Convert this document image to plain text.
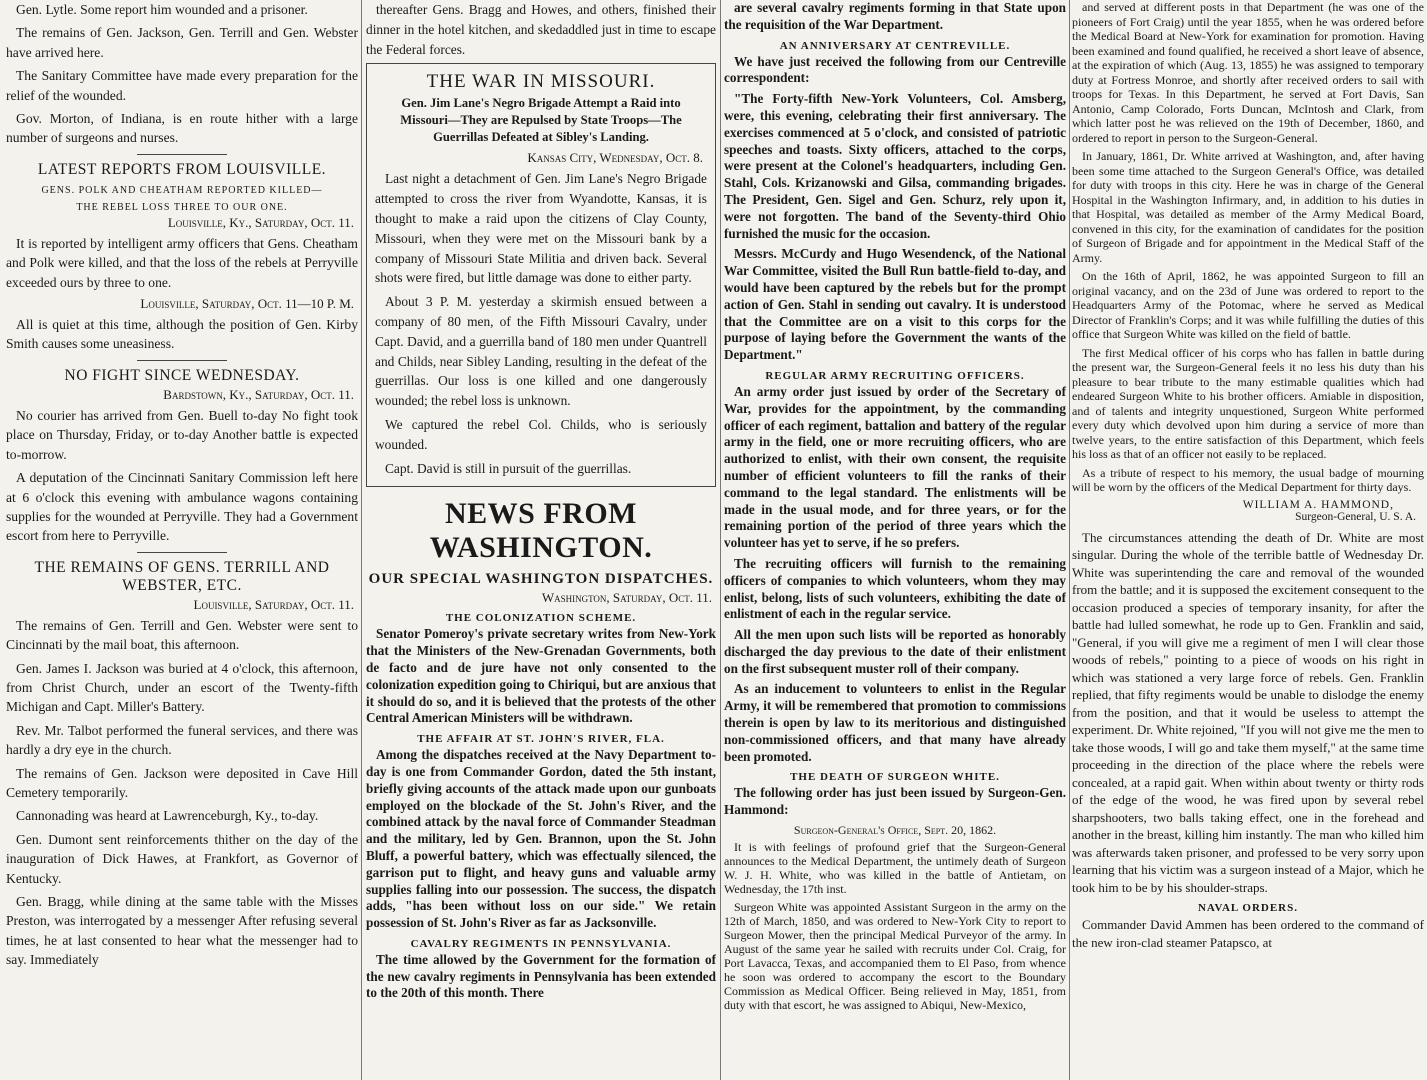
Gen. Lytle. Some report him wounded and a prisoner.

The remains of Gen. Jackson, Gen. Terrill and Gen. Webster have arrived here.

The Sanitary Committee have made every preparation for the relief of the wounded.

Gov. Morton, of Indiana, is en route hither with a large number of surgeons and nurses.

LATEST REPORTS FROM LOUISVILLE.
GENS. POLK AND CHEATHAM REPORTED KILLED—
THE REBEL LOSS THREE TO OUR ONE.
Louisville, Ky., Saturday, Oct. 11.

It is reported by intelligent army officers that Gens. Cheatham and Polk were killed, and that the loss of the rebels at Perryville exceeded ours by three to one.

Louisville, Saturday, Oct. 11—10 P. M.

All is quiet at this time, although the position of Gen. Kirby Smith causes some uneasiness.

NO FIGHT SINCE WEDNESDAY.
Bardstown, Ky., Saturday, Oct. 11.

No courier has arrived from Gen. Buell to-day No fight took place on Thursday, Friday, or to-day Another battle is expected to-morrow.

A deputation of the Cincinnati Sanitary Commission left here at 6 o'clock this evening with ambulance wagons containing supplies for the wounded at Perryville. They had a Government escort from here to Perryville.

THE REMAINS OF GENS. TERRILL AND WEBSTER, ETC.
Louisville, Saturday, Oct. 11.

The remains of Gen. Terrill and Gen. Webster were sent to Cincinnati by the mail boat, this afternoon.

Gen. James I. Jackson was buried at 4 o'clock, this afternoon, from Christ Church, under an escort of the Twenty-fifth Michigan and Capt. Miller's Battery.

Rev. Mr. Talbot performed the funeral services, and there was hardly a dry eye in the church.

The remains of Gen. Jackson were deposited in Cave Hill Cemetery temporarily.

Cannonading was heard at Lawrenceburgh, Ky., to-day.

Gen. Dumont sent reinforcements thither on the day of the inauguration of Dick Hawes, at Frankfort, as Governor of Kentucky.

Gen. Bragg, while dining at the same table with the Misses Preston, was interrogated by a messenger After refusing several times, he at last consented to hear what the messenger had to say. Immediately

thereafter Gens. Bragg and Howes, and others, finished their dinner in the hotel kitchen, and skedaddled just in time to escape the Federal forces.

THE WAR IN MISSOURI.
Gen. Jim Lane's Negro Brigade Attempt a Raid into Missouri—They are Repulsed by State Troops—The Guerrillas Defeated at Sibley's Landing.
Kansas City, Wednesday, Oct. 8.

Last night a detachment of Gen. Jim Lane's Negro Brigade attempted to cross the river from Wyandotte, Kansas, it is thought to make a raid upon the citizens of Clay County, Missouri, when they were met on the Missouri bank by a company of Missouri State Militia and driven back. Several shots were fired, but little damage was done to either party.

About 3 P. M. yesterday a skirmish ensued between a company of 80 men, of the Fifth Missouri Cavalry, under Capt. David, and a guerrilla band of 180 men under Quantrell and Childs, near Sibley Landing, resulting in the defeat of the guerrillas. Our loss is one killed and one dangerously wounded; the rebel loss is unknown.

We captured the rebel Col. Childs, who is seriously wounded.

Capt. David is still in pursuit of the guerrillas.

NEWS FROM WASHINGTON.
OUR SPECIAL WASHINGTON DISPATCHES.
Washington, Saturday, Oct. 11.
THE COLONIZATION SCHEME.

Senator Pomeroy's private secretary writes from New-York that the Ministers of the New-Grenadan Governments, both de facto and de jure have not only consented to the colonization expedition going to Chiriqui, but are anxious that it should do so, and it is believed that the protests of the other Central American Ministers will be withdrawn.

THE AFFAIR AT ST. JOHN'S RIVER, FLA.

Among the dispatches received at the Navy Department to-day is one from Commander Gordon, dated the 5th instant, briefly giving accounts of the attack made upon our gunboats employed on the blockade of the St. John's River, and the combined attack by the naval force of Commander Steadman and the military, led by Gen. Brannon, upon the St. John Bluff, a powerful battery, which was effectually silenced, the garrison put to flight, and heavy guns and valuable army supplies falling into our possession. The success, the dispatch adds, "has been without loss on our side." We retain possession of St. John's River as far as Jacksonville.

CAVALRY REGIMENTS IN PENNSYLVANIA.

The time allowed by the Government for the formation of the new cavalry regiments in Pennsylvania has been extended to the 20th of this month. There

are several cavalry regiments forming in that State upon the requisition of the War Department.

AN ANNIVERSARY AT CENTREVILLE.

We have just received the following from our Centreville correspondent:

"The Forty-fifth New-York Volunteers, Col. Amsberg, were, this evening, celebrating their first anniversary. The exercises commenced at 5 o'clock, and consisted of patriotic speeches and toasts. Sixty officers, attached to the corps, were present at the Colonel's headquarters, including Gen. Stahl, Cols. Krizanowski and Gilsa, commanding brigades. The President, Gen. Sigel and Gen. Schurz, rely upon it, were not forgotten. The band of the Seventy-third Ohio furnished the music for the occasion.

Messrs. McCurdy and Hugo Wesendenck, of the National War Committee, visited the Bull Run battle-field to-day, and would have been captured by the rebels but for the prompt action of Gen. Stahl in sending out cavalry. It is understood that the Committee are on a visit to this corps for the purpose of laying before the Government the wants of the Department."

REGULAR ARMY RECRUITING OFFICERS.

An army order just issued by order of the Secretary of War, provides for the appointment, by the commanding officer of each regiment, battalion and battery of the regular army in the field, one or more recruiting officers, who are authorized to enlist, with their own consent, the requisite number of efficient volunteers to fill the ranks of their command to the legal standard. The enlistments will be made in the usual mode, and for three years, or for the remaining portion of the period of three years which the volunteer has yet to serve, if he so prefers.

The recruiting officers will furnish to the remaining officers of companies to which volunteers, whom they may enlist, belong, lists of such volunteers, exhibiting the date of enlistment of each in the regular service.

All the men upon such lists will be reported as honorably discharged the day previous to the date of their enlistment on the first subsequent muster roll of their company.

As an inducement to volunteers to enlist in the Regular Army, it will be remembered that promotion to commissions therein is open by law to its meritorious and distinguished non-commissioned officers, and that many have already been promoted.

THE DEATH OF SURGEON WHITE.

The following order has just been issued by Surgeon-Gen. Hammond:

Surgeon-General's Office, Sept. 20, 1862.

It is with feelings of profound grief that the Surgeon-General announces to the Medical Department, the untimely death of Surgeon W. J. H. White, who was killed in the battle of Antietam, on Wednesday, the 17th inst.

Surgeon White was appointed Assistant Surgeon in the army on the 12th of March, 1850, and was ordered to New-York City to report to Surgeon Mower, then the principal Medical Purveyor of the army. In August of the same year he sailed with recruits under Col. Craig, for Port Lavacca, Texas, and accompanied them to El Paso, from whence he soon was ordered to accompany the escort to the Boundary Commission as Medical Officer. Being relieved in May, 1851, from duty with that escort, he was assigned to Abiqui, New-Mexico,

and served at different posts in that Department (he was one of the pioneers of Fort Craig) until the year 1855, when he was ordered before the Medical Board at New-York for examination for promotion. Having been examined and found qualified, he received a short leave of absence, at the expiration of which (Aug. 13, 1855) he was assigned to temporary duty at Fortress Monroe, and shortly after received orders to sail with troops for Texas. In this Department, he served at Fort Davis, San Antonio, Camp Colorado, Forts Duncan, McIntosh and Clark, from which latter post he was relieved on the 19th of December, 1860, and ordered to report in person to the Surgeon-General.

In January, 1861, Dr. White arrived at Washington, and, after having been some time attached to the Surgeon General's Office, was detailed for duty with troops in this city. Here he was in charge of the General Hospital in the Washington Infirmary, and, in addition to his duties in that Hospital, was detailed as member of the Army Medical Board, convened in this city, for the examination of candidates for the position of Surgeon of Brigade and for appointment in the Medical Staff of the Army.

On the 16th of April, 1862, he was appointed Surgeon to fill an original vacancy, and on the 23d of June was ordered to report to the Headquarters Army of the Potomac, where he served as Medical Director of Franklin's Corps; and it was while fulfilling the duties of this office that Surgeon White was killed on the field of battle.

The first Medical officer of his corps who has fallen in battle during the present war, the Surgeon-General feels it no less his duty than his pleasure to bear tribute to the many estimable qualities which had endeared Surgeon White to his brother officers. Amiable in disposition, and of talents and integrity unquestioned, Surgeon White performed every duty which devolved upon him during a service of more than twelve years, to the entire satisfaction of this Department, which feels his loss as that of an officer not easily to be replaced.

As a tribute of respect to his memory, the usual badge of mourning will be worn by the officers of the Medical Department for thirty days.

WILLIAM A. HAMMOND,
Surgeon-General, U. S. A.

The circumstances attending the death of Dr. White are most singular. During the whole of the terrible battle of Wednesday Dr. White was superintending the care and removal of the wounded from the battle; and it is supposed the excitement consequent to the occasion produced a species of temporary insanity, for after the battle had lulled somewhat, he rode up to Gen. Franklin and said, "General, if you will give me a regiment of men I will clear those woods of rebels," pointing to a piece of woods on his right in which was stationed a very large force of rebels. Gen. Franklin replied, that fifty regiments would be unable to dislodge the enemy from the position, and that it would be useless to attempt the experiment. Dr. White rejoined, "If you will not give me the men to take those woods, I will go and take them myself," at the same time proceeding in the direction of the place where the rebels were concealed, at a rapid gait. When within about twenty or thirty rods of the edge of the wood, he was fired upon by several rebel sharpshooters, two balls taking effect, one in the forehead and another in the breast, killing him instantly. The man who killed him was afterwards taken prisoner, and professed to be very sorry upon learning that his victim was a surgeon instead of a Major, which he took him to be by his shoulder-straps.

NAVAL ORDERS.

Commander David Ammen has been ordered to the command of the new iron-clad steamer Patapsco, at
